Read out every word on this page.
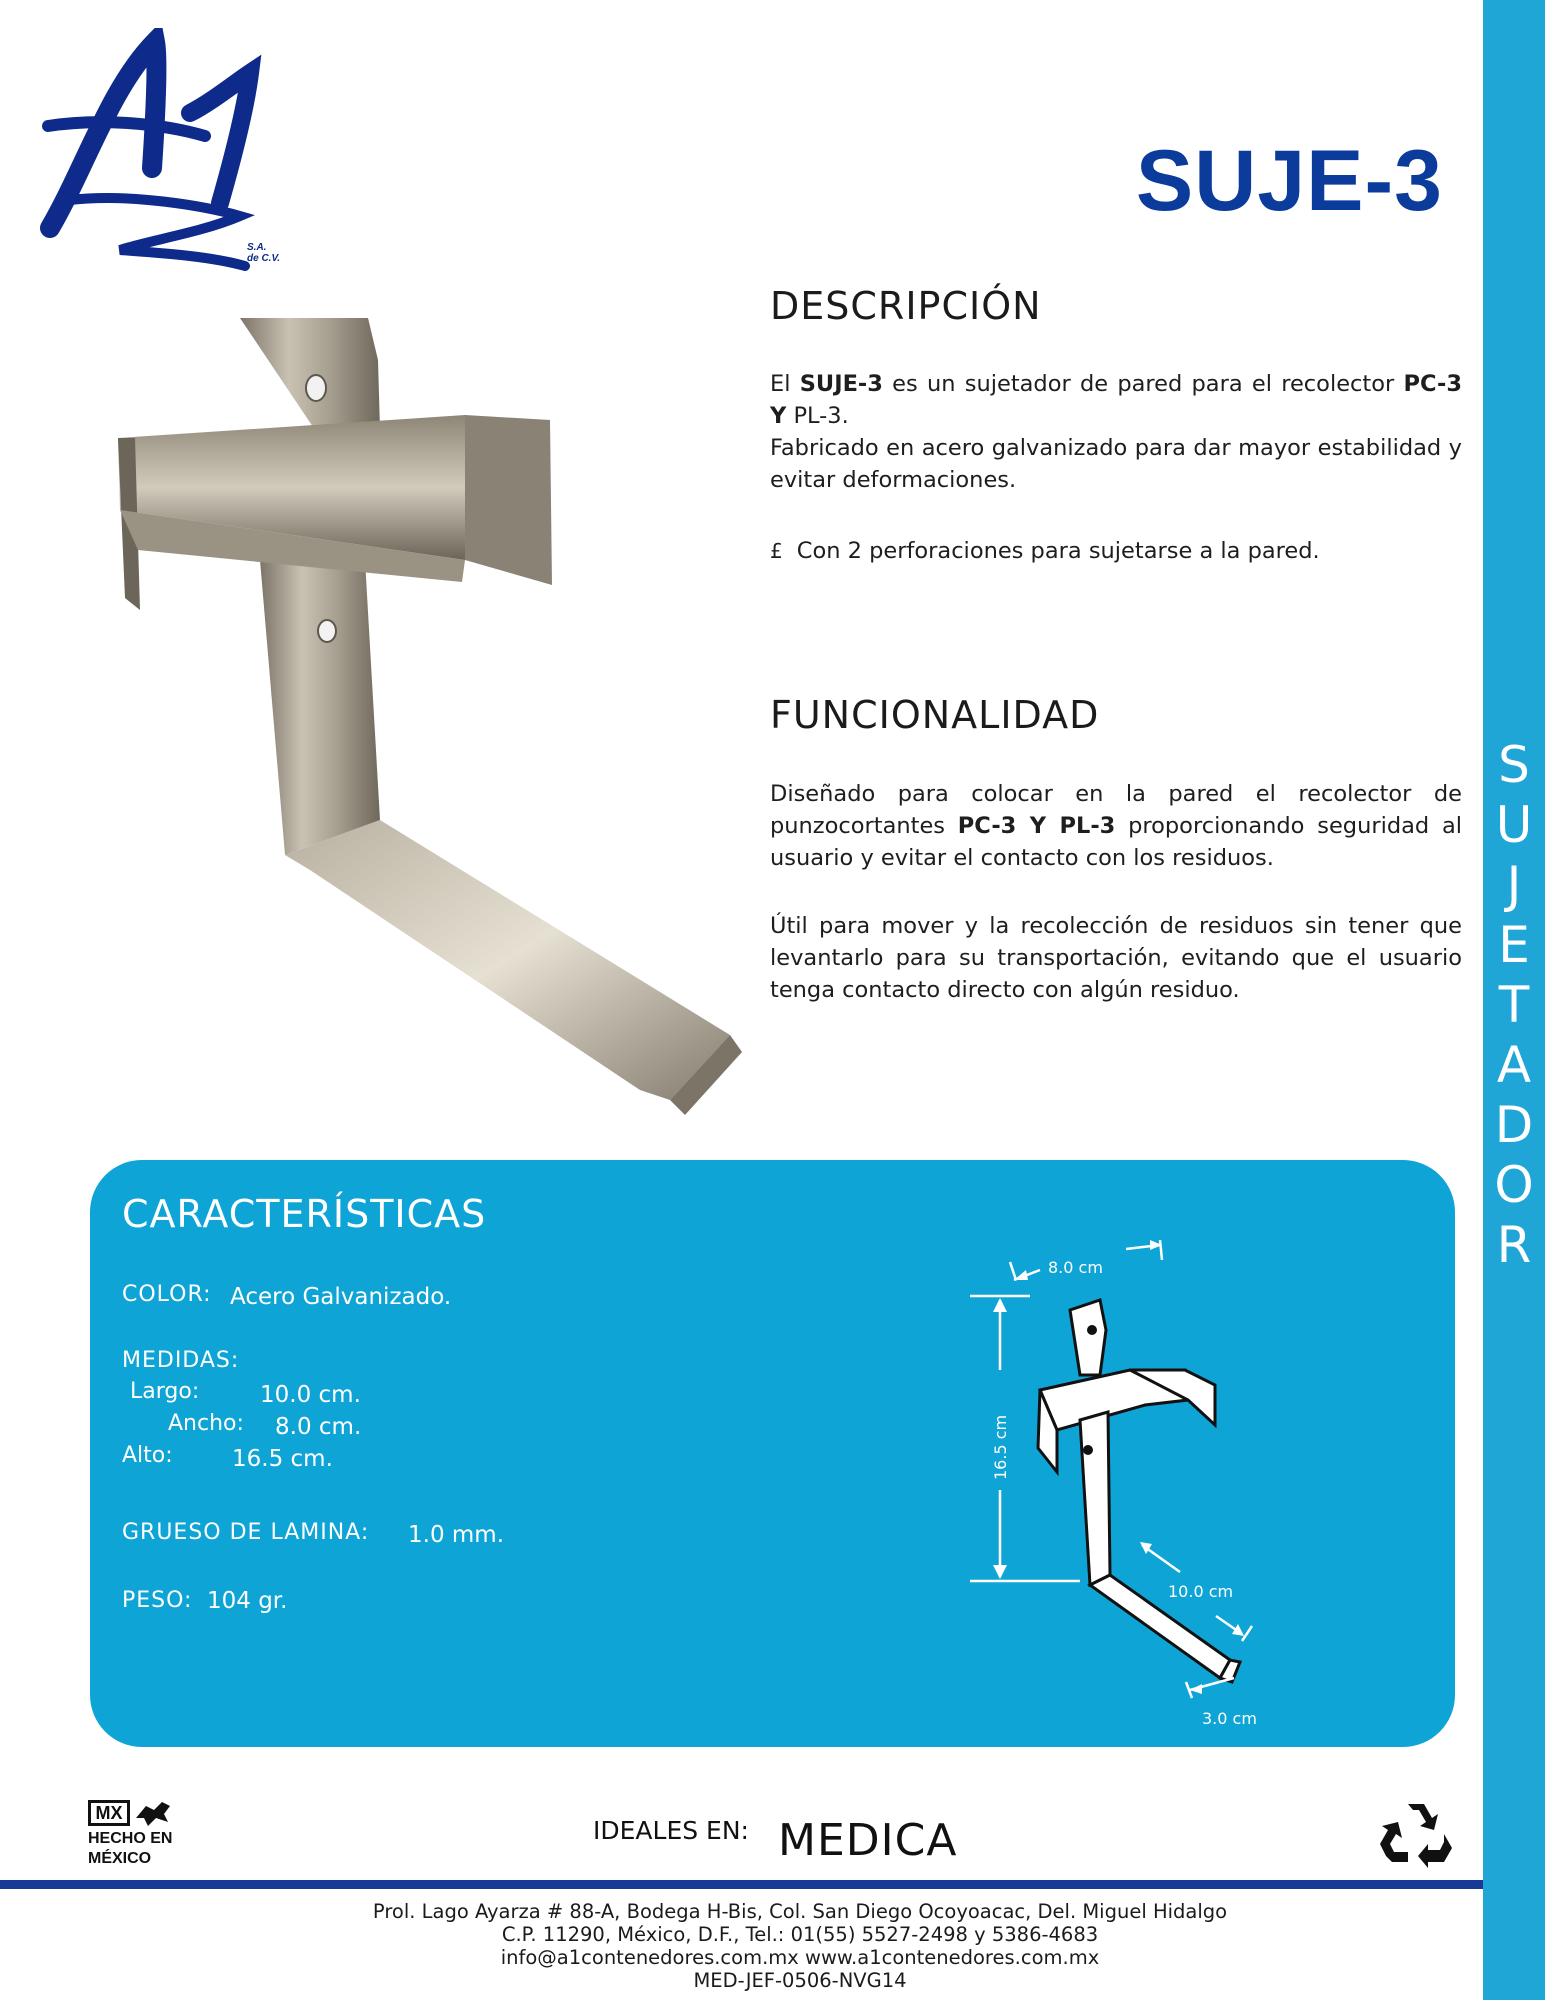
S
U
J
E
T
A
D
O
R
S.A. de C.V.
SUJE-3
DESCRIPCIÓN
El SUJE-3 es un sujetador de pared para el recolector PC-3 Y PL-3.
Fabricado en acero galvanizado para dar mayor estabilidad y evitar deformaciones.
£ Con 2 perforaciones para sujetarse a la pared.
FUNCIONALIDAD
Diseñado para colocar en la pared el recolector de punzocortantes PC-3 Y PL-3 proporcionando seguridad al usuario y evitar el contacto con los residuos.
Útil para mover y la recolección de residuos sin tener que levantarlo para su transportación, evitando que el usuario tenga contacto directo con algún residuo.
CARACTERÍSTICAS
COLOR: Acero Galvanizado.
MEDIDAS:
Largo:	10.0 cm.
Ancho: 8.0 cm.
Alto:	16.5 cm.
GRUESO DE LAMINA: 1.0 mm.
PESO: 104 gr.
8.0 cm
16.5 cm
10.0 cm
3.0 cm
MX
HECHO EN
MÉXICO
IDEALES EN: MEDICA
Prol. Lago Ayarza # 88-A, Bodega H-Bis, Col. San Diego Ocoyoacac, Del. Miguel Hidalgo
C.P. 11290, México, D.F., Tel.: 01(55) 5527-2498 y 5386-4683
info@a1contenedores.com.mx www.a1contenedores.com.mx
MED-JEF-0506-NVG14
